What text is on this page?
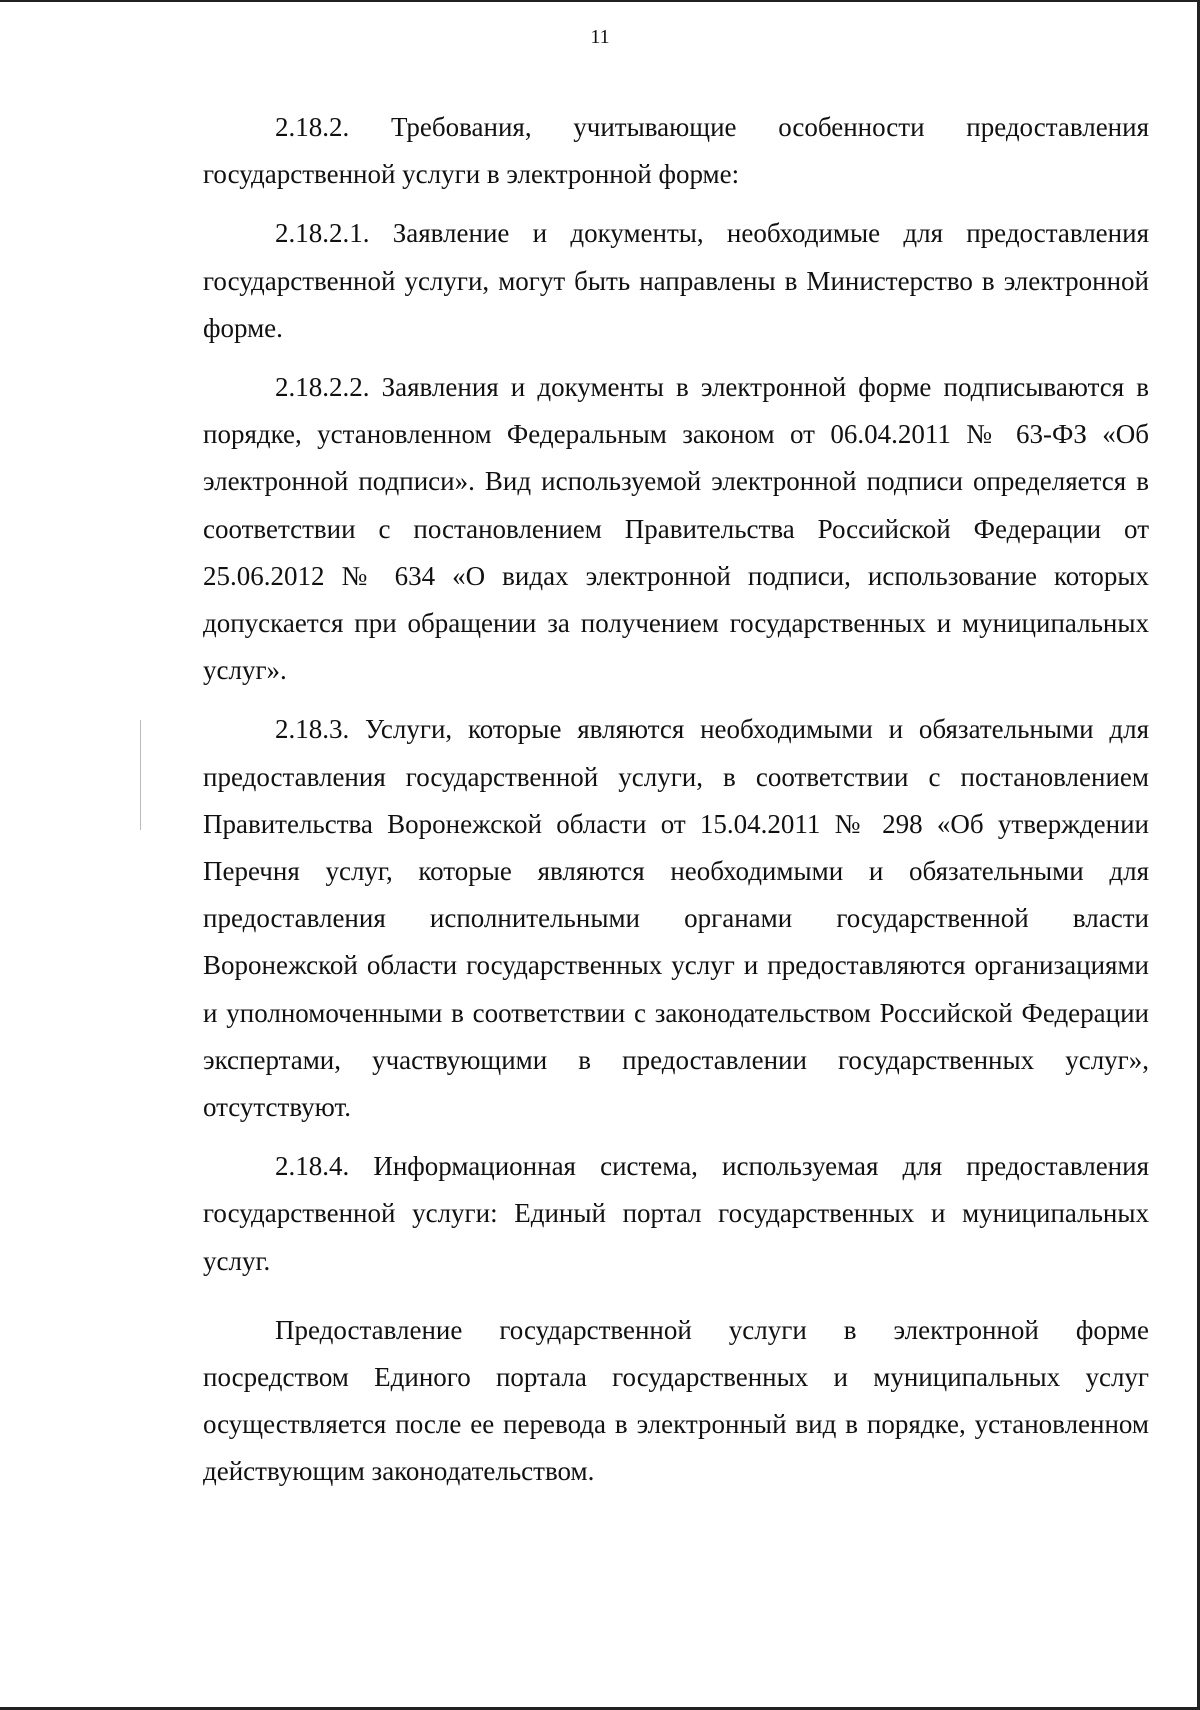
11

2.18.2. Требования, учитывающие особенности предоставления государственной услуги в электронной форме:

2.18.2.1. Заявление и документы, необходимые для предоставления государственной услуги, могут быть направлены в Министерство в электронной форме.

2.18.2.2. Заявления и документы в электронной форме подписываются в порядке, установленном Федеральным законом от 06.04.2011 № 63-ФЗ «Об электронной подписи». Вид используемой электронной подписи определяется в соответствии с постановлением Правительства Российской Федерации от 25.06.2012 № 634 «О видах электронной подписи, использование которых допускается при обращении за получением государственных и муниципальных услуг».

2.18.3. Услуги, которые являются необходимыми и обязательными для предоставления государственной услуги, в соответствии с постановлением Правительства Воронежской области от 15.04.2011 № 298 «Об утверждении Перечня услуг, которые являются необходимыми и обязательными для предоставления исполнительными органами государственной власти Воронежской области государственных услуг и предоставляются организациями и уполномоченными в соответствии с законодательством Российской Федерации экспертами, участвующими в предоставлении государственных услуг», отсутствуют.

2.18.4. Информационная система, используемая для предоставления государственной услуги: Единый портал государственных и муниципальных услуг.

Предоставление государственной услуги в электронной форме посредством Единого портала государственных и муниципальных услуг осуществляется после ее перевода в электронный вид в порядке, установленном действующим законодательством.
